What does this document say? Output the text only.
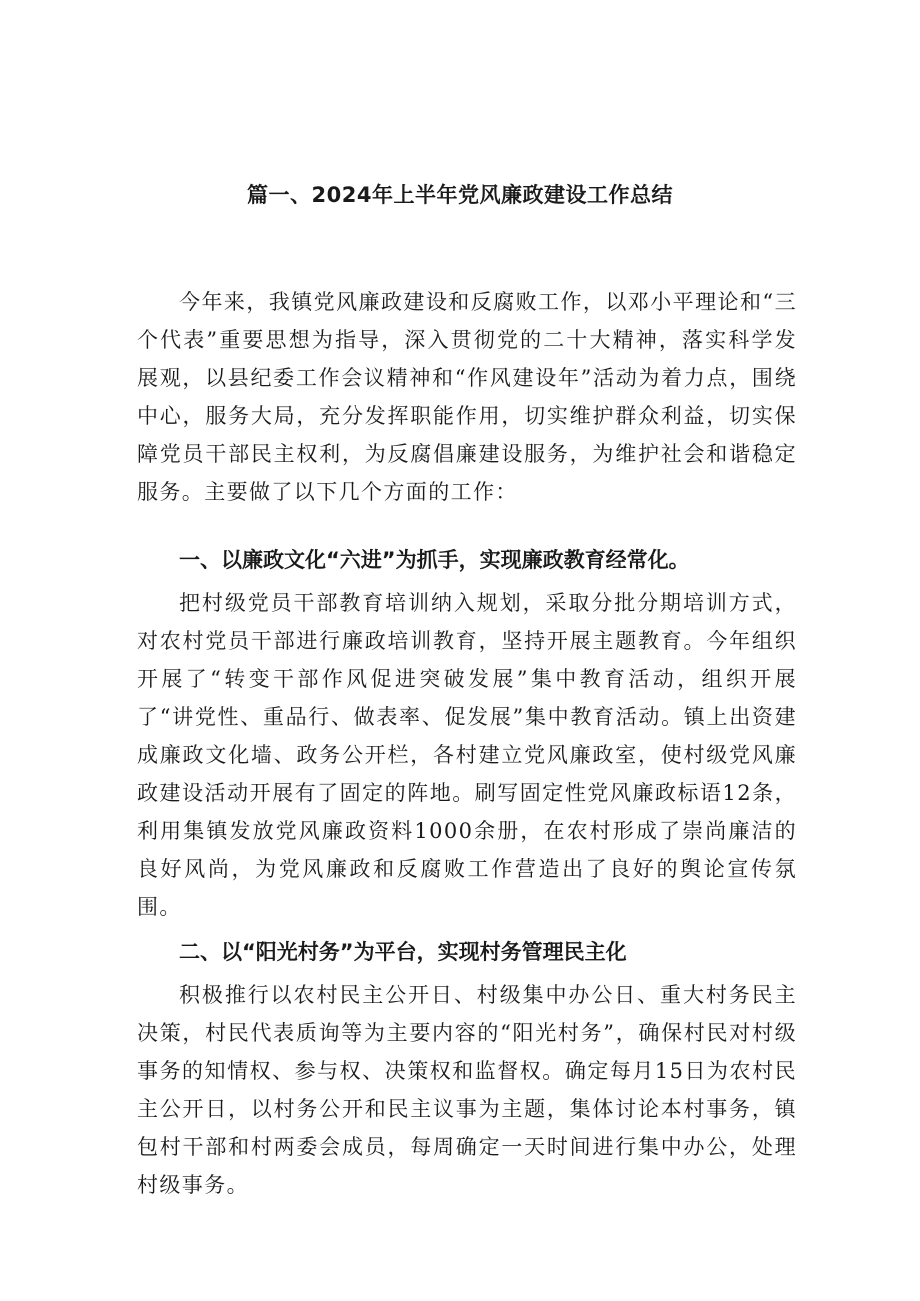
篇一、2024年上半年党风廉政建设工作总结

今年来，我镇党风廉政建设和反腐败工作，以邓小平理论和“三个代表”重要思想为指导，深入贯彻党的二十大精神，落实科学发展观，以县纪委工作会议精神和“作风建设年”活动为着力点，围绕中心，服务大局，充分发挥职能作用，切实维护群众利益，切实保障党员干部民主权利，为反腐倡廉建设服务，为维护社会和谐稳定服务。主要做了以下几个方面的工作：

一、以廉政文化“六进”为抓手，实现廉政教育经常化。

把村级党员干部教育培训纳入规划，采取分批分期培训方式，对农村党员干部进行廉政培训教育，坚持开展主题教育。今年组织开展了“转变干部作风促进突破发展”集中教育活动，组织开展了“讲党性、重品行、做表率、促发展”集中教育活动。镇上出资建成廉政文化墙、政务公开栏，各村建立党风廉政室，使村级党风廉政建设活动开展有了固定的阵地。刷写固定性党风廉政标语12条，利用集镇发放党风廉政资料1000余册，在农村形成了崇尚廉洁的良好风尚，为党风廉政和反腐败工作营造出了良好的舆论宣传氛围。

二、以“阳光村务”为平台，实现村务管理民主化

积极推行以农村民主公开日、村级集中办公日、重大村务民主决策，村民代表质询等为主要内容的“阳光村务”，确保村民对村级事务的知情权、参与权、决策权和监督权。确定每月15日为农村民主公开日，以村务公开和民主议事为主题，集体讨论本村事务，镇包村干部和村两委会成员，每周确定一天时间进行集中办公，处理村级事务。
